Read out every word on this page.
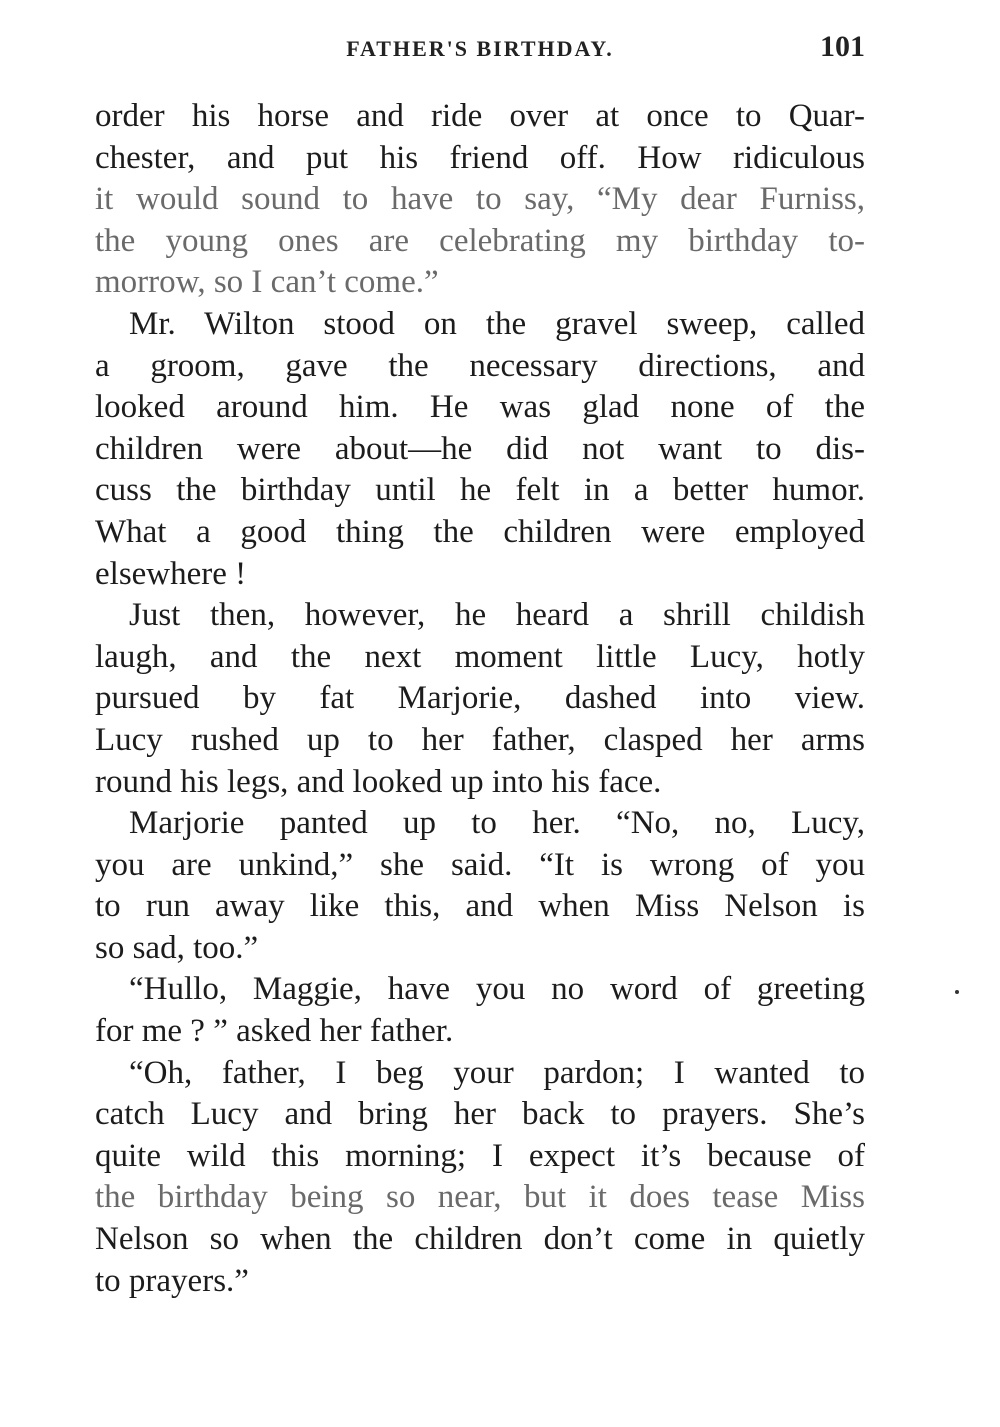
FATHER'S BIRTHDAY.	101
order his horse and ride over at once to Quar-
chester, and put his friend off. How ridiculous
it would sound to have to say, “My dear Furniss,
the young ones are celebrating my birthday to-
morrow, so I can’t come.”
Mr. Wilton stood on the gravel sweep, called
a groom, gave the necessary directions, and
looked around him. He was glad none of the
children were about—he did not want to dis-
cuss the birthday until he felt in a better humor.
What a good thing the children were employed
elsewhere !
Just then, however, he heard a shrill childish
laugh, and the next moment little Lucy, hotly
pursued by fat Marjorie, dashed into view.
Lucy rushed up to her father, clasped her arms
round his legs, and looked up into his face.
Marjorie panted up to her. “No, no, Lucy,
you are unkind,” she said. “It is wrong of you
to run away like this, and when Miss Nelson is
so sad, too.”
“Hullo, Maggie, have you no word of greeting
for me ? ” asked her father.
“Oh, father, I beg your pardon; I wanted to
catch Lucy and bring her back to prayers. She’s
quite wild this morning; I expect it’s because of
the birthday being so near, but it does tease Miss
Nelson so when the children don’t come in quietly
to prayers.”
